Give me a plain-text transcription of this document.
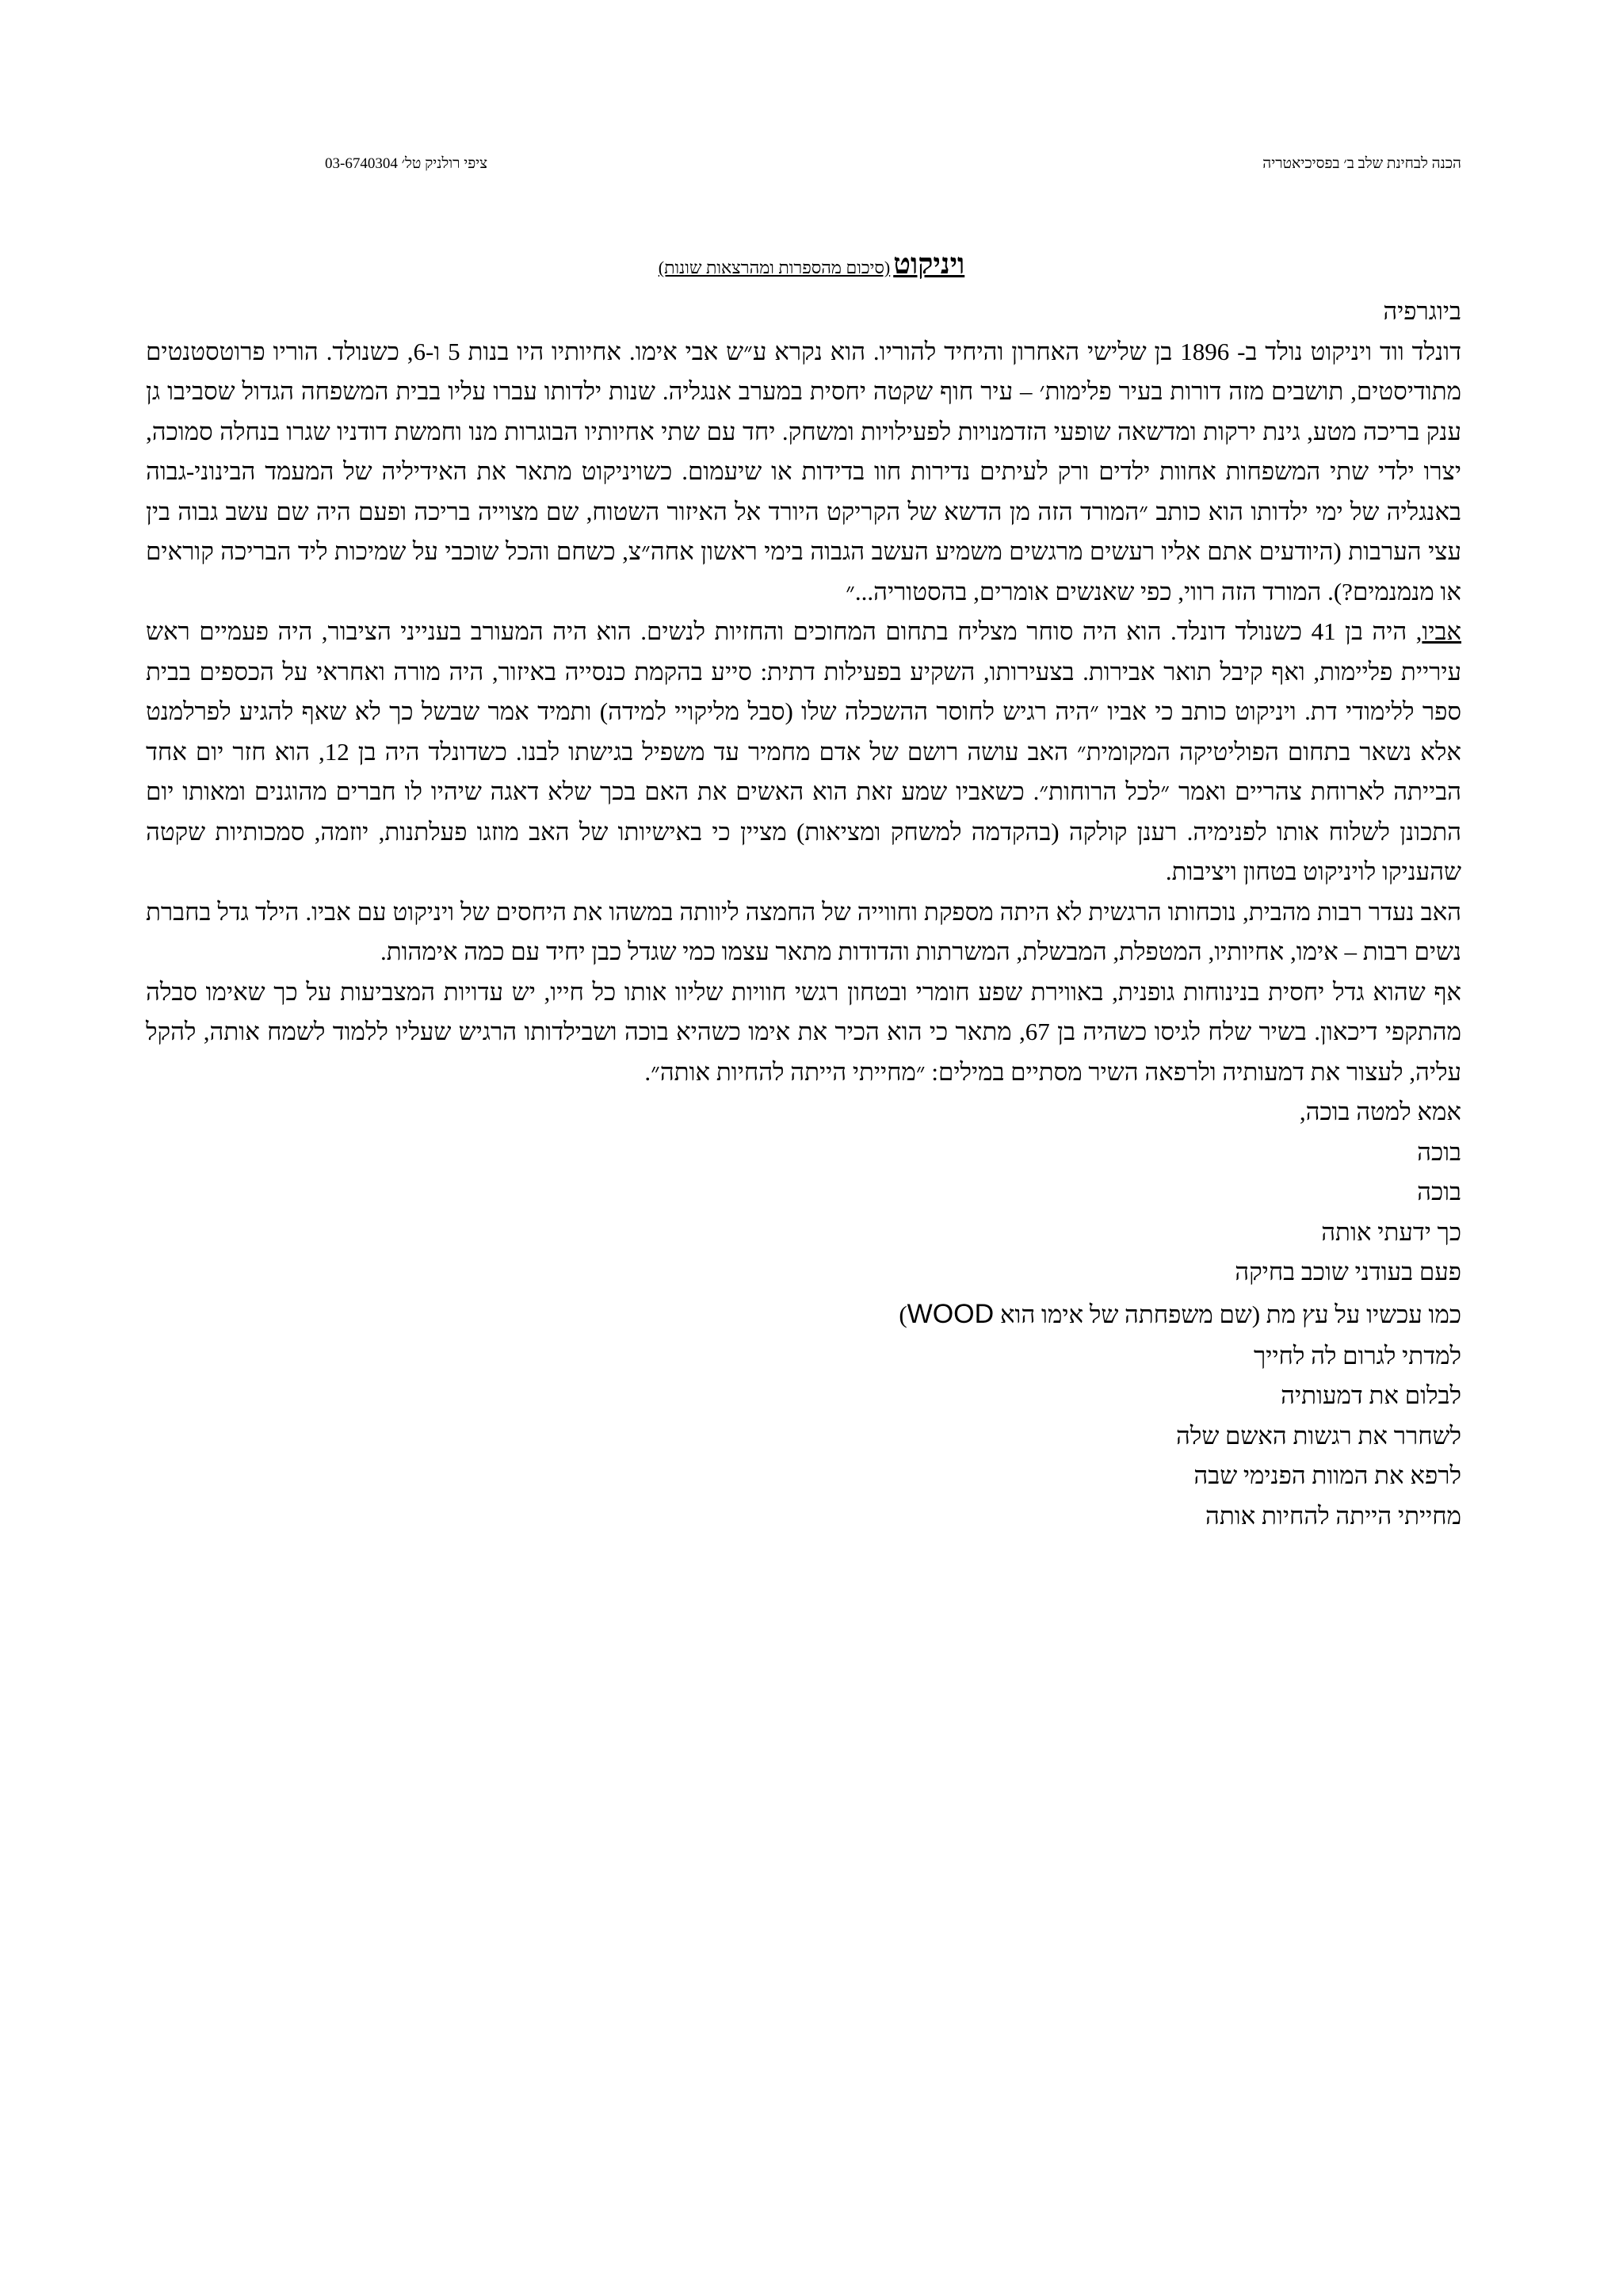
הכנה לבחינת שלב ב׳ בפסיכיאטריה
ציפי רולניק טל׳ 03-6740304
ויניקוט (סיכום מהספרות ומהרצאות שונות)

ביוגרפיה

דונלד ווד ויניקוט נולד ב- 1896 בן שלישי האחרון והיחיד להוריו. הוא נקרא ע״ש אבי אימו. אחיותיו היו בנות 5 ו-6, כשנולד. הוריו פרוטסטנטים מתודיסטים, תושבים מזה דורות בעיר פלימות׳ – עיר חוף שקטה יחסית במערב אנגליה. שנות ילדותו עברו עליו בבית המשפחה הגדול שסביבו גן ענק בריכה מטע, גינת ירקות ומדשאה שופעי הזדמנויות לפעילויות ומשחק. יחד עם שתי אחיותיו הבוגרות מנו וחמשת דודניו שגרו בנחלה סמוכה, יצרו ילדי שתי המשפחות אחוות ילדים ורק לעיתים נדירות חוו בדידות או שיעמום. כשויניקוט מתאר את האידיליה של המעמד הבינוני-גבוה באנגליה של ימי ילדותו הוא כותב ״המורד הזה מן הדשא של הקריקט היורד אל האיזור השטוח, שם מצוייה בריכה ופעם היה שם עשב גבוה בין עצי הערבות (היודעים אתם אליו רעשים מרגשים משמיע העשב הגבוה בימי ראשון אחה״צ, כשחם והכל שוכבי על שמיכות ליד הבריכה קוראים או מנמנמים?). המורד הזה רווי, כפי שאנשים אומרים, בהסטוריה...״

אביו, היה בן 41 כשנולד דונלד. הוא היה סוחר מצליח בתחום המחוכים והחזיות לנשים. הוא היה המעורב בענייני הציבור, היה פעמיים ראש עיריית פליימות, ואף קיבל תואר אבירות. בצעירותו, השקיע בפעילות דתית: סייע בהקמת כנסייה באיזור, היה מורה ואחראי על הכספים בבית ספר ללימודי דת. ויניקוט כותב כי אביו ״היה רגיש לחוסר ההשכלה שלו (סבל מליקויי למידה) ותמיד אמר שבשל כך לא שאף להגיע לפרלמנט אלא נשאר בתחום הפוליטיקה המקומית״ האב עושה רושם של אדם מחמיר עד משפיל בגישתו לבנו. כשדונלד היה בן 12, הוא חזר יום אחד הבייתה לארוחת צהריים ואמר ״לכל הרוחות״. כשאביו שמע זאת הוא האשים את האם בכך שלא דאגה שיהיו לו חברים מהוגנים ומאותו יום התכונן לשלוח אותו לפנימיה. רענן קולקה (בהקדמה למשחק ומציאות) מציין כי באישיותו של האב מוזגו פעלתנות, יוזמה, סמכותיות שקטה שהעניקו לויניקוט בטחון ויציבות.

האב נעדר רבות מהבית, נוכחותו הרגשית לא היתה מספקת וחווייה של החמצה ליוותה במשהו את היחסים של ויניקוט עם אביו. הילד גדל בחברת נשים רבות – אימו, אחיותיו, המטפלת, המבשלת, המשרתות והדודות מתאר עצמו כמי שגדל כבן יחיד עם כמה אימהות.

אף שהוא גדל יחסית בנינוחות גופנית, באווירת שפע חומרי ובטחון רגשי חוויות שליוו אותו כל חייו, יש עדויות המצביעות על כך שאימו סבלה מהתקפי דיכאון. בשיר שלח לגיסו כשהיה בן 67, מתאר כי הוא הכיר את אימו כשהיא בוכה ושבילדותו הרגיש שעליו ללמוד לשמח אותה, להקל עליה, לעצור את דמעותיה ולרפאה השיר מסתיים במילים: ״מחייתי הייתה להחיות אותה״.

אמא למטה בוכה,
בוכה
בוכה
כך ידעתי אותה
פעם בעודני שוכב בחיקה
כמו עכשיו על עץ מת (שם משפחתה של אימו הוא WOOD)
למדתי לגרום לה לחייך
לבלום את דמעותיה
לשחרר את רגשות האשם שלה
לרפא את המוות הפנימי שבה
מחייתי הייתה להחיות אותה
